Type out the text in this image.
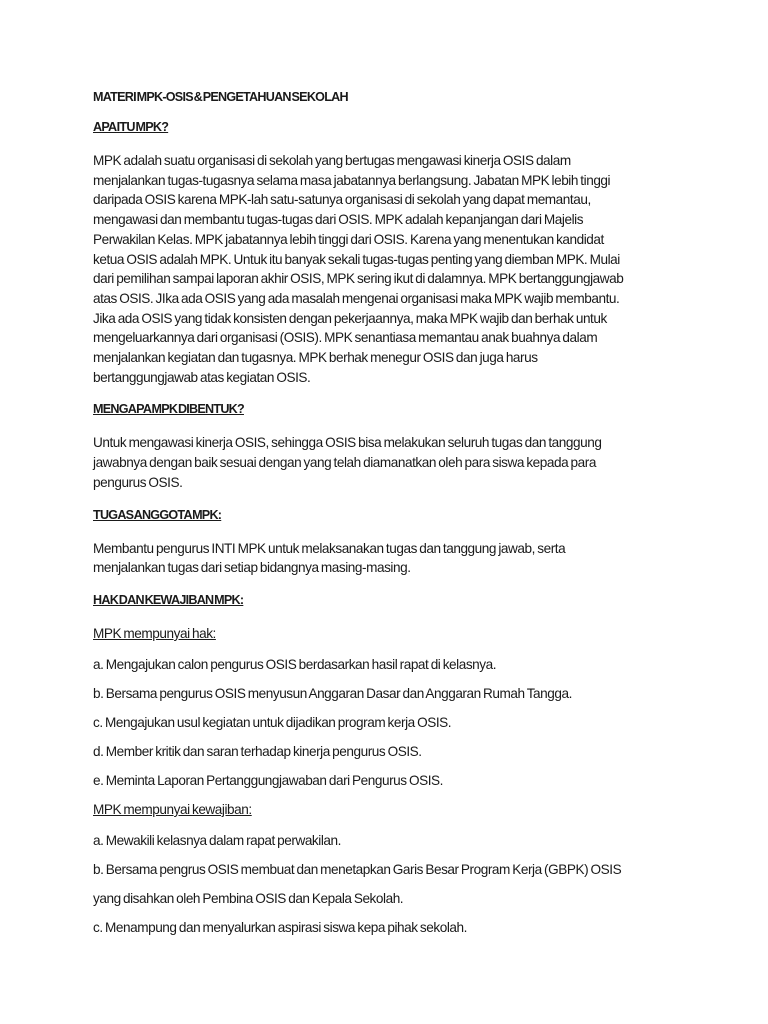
MATERI MPK-OSIS & PENGETAHUAN SEKOLAH
APA ITU MPK?
MPK adalah suatu organisasi di sekolah yang bertugas mengawasi kinerja OSIS dalam
menjalankan tugas-tugasnya selama masa jabatannya berlangsung. Jabatan MPK lebih tinggi
daripada OSIS karena MPK-lah satu-satunya organisasi di sekolah yang dapat memantau,
mengawasi dan membantu tugas-tugas dari OSIS. MPK adalah kepanjangan dari Majelis
Perwakilan Kelas. MPK jabatannya lebih tinggi dari OSIS. Karena yang menentukan kandidat
ketua OSIS adalah MPK. Untuk itu banyak sekali tugas-tugas penting yang diemban MPK. Mulai
dari pemilihan sampai laporan akhir OSIS, MPK sering ikut di dalamnya. MPK bertanggungjawab
atas OSIS. JIka ada OSIS yang ada masalah mengenai organisasi maka MPK wajib membantu.
Jika ada OSIS yang tidak konsisten dengan pekerjaannya, maka MPK wajib dan berhak untuk
mengeluarkannya dari organisasi (OSIS). MPK senantiasa memantau anak buahnya dalam
menjalankan kegiatan dan tugasnya. MPK berhak menegur OSIS dan juga harus
bertanggungjawab atas kegiatan OSIS.
MENGAPA MPK DIBENTUK?
Untuk mengawasi kinerja OSIS, sehingga OSIS bisa melakukan seluruh tugas dan tanggung
jawabnya dengan baik sesuai dengan yang telah diamanatkan oleh para siswa kepada para
pengurus OSIS.
TUGAS ANGGOTA MPK:
Membantu pengurus INTI MPK untuk melaksanakan tugas dan tanggung jawab, serta
menjalankan tugas dari setiap bidangnya masing-masing.
HAK DAN KEWAJIBAN MPK:
MPK mempunyai hak:
a. Mengajukan calon pengurus OSIS berdasarkan hasil rapat di kelasnya.
b. Bersama pengurus OSIS menyusun Anggaran Dasar dan Anggaran Rumah Tangga.
c. Mengajukan usul kegiatan untuk dijadikan program kerja OSIS.
d. Member kritik dan saran terhadap kinerja pengurus OSIS.
e. Meminta Laporan Pertanggungjawaban dari Pengurus OSIS.
MPK mempunyai kewajiban:
a. Mewakili kelasnya dalam rapat perwakilan.
b. Bersama pengrus OSIS membuat dan menetapkan Garis Besar Program Kerja (GBPK) OSIS
yang disahkan oleh Pembina OSIS dan Kepala Sekolah.
c. Menampung dan menyalurkan aspirasi siswa kepa pihak sekolah.
